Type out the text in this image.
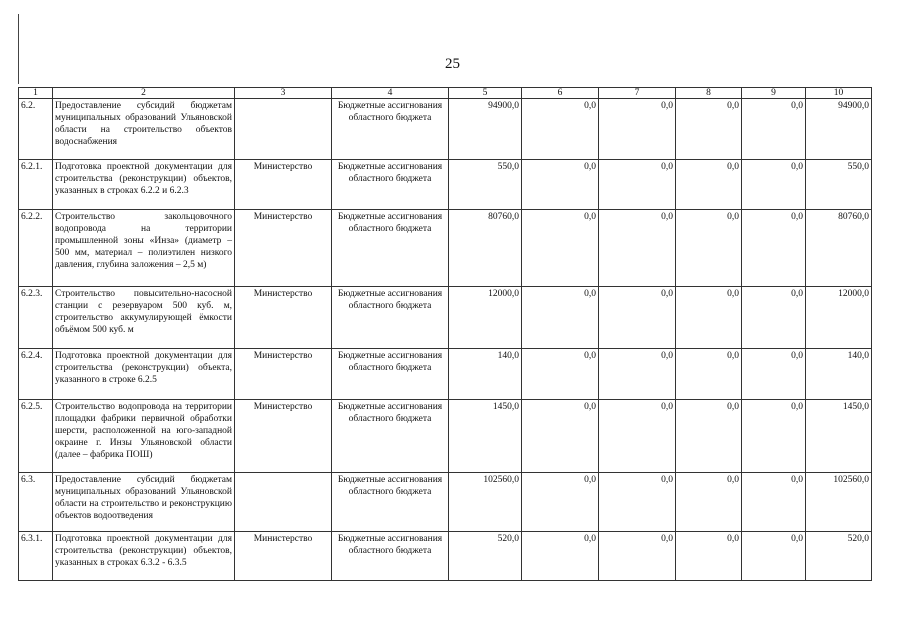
25
1	2	3	4	5	6	7	8	9	10
6.2.	Предоставление субсидий бюджетам муниципальных образований Ульяновской области на строительство объектов водоснабжения		Бюджетные ассигнования областного бюджета	94900,0	0,0	0,0	0,0	0,0	94900,0
6.2.1.	Подготовка проектной документации для строительства (реконструкции) объектов, указанных в строках 6.2.2 и 6.2.3	Министерство	Бюджетные ассигнования областного бюджета	550,0	0,0	0,0	0,0	0,0	550,0
6.2.2.	Строительство закольцовочного водопровода на территории промышленной зоны «Инза» (диаметр – 500 мм, материал – полиэтилен низкого давления, глубина заложения – 2,5 м)	Министерство	Бюджетные ассигнования областного бюджета	80760,0	0,0	0,0	0,0	0,0	80760,0
6.2.3.	Строительство повысительно-насосной станции с резервуаром 500 куб. м, строительство аккумулирующей ёмкости объёмом 500 куб. м	Министерство	Бюджетные ассигнования областного бюджета	12000,0	0,0	0,0	0,0	0,0	12000,0
6.2.4.	Подготовка проектной документации для строительства (реконструкции) объекта, указанного в строке 6.2.5	Министерство	Бюджетные ассигнования областного бюджета	140,0	0,0	0,0	0,0	0,0	140,0
6.2.5.	Строительство водопровода на территории площадки фабрики первичной обработки шерсти, расположенной на юго-западной окраине г. Инзы Ульяновской области (далее – фабрика ПОШ)	Министерство	Бюджетные ассигнования областного бюджета	1450,0	0,0	0,0	0,0	0,0	1450,0
6.3.	Предоставление субсидий бюджетам муниципальных образований Ульяновской области на строительство и реконструкцию объектов водоотведения		Бюджетные ассигнования областного бюджета	102560,0	0,0	0,0	0,0	0,0	102560,0
6.3.1.	Подготовка проектной документации для строительства (реконструкции) объектов, указанных в строках 6.3.2 - 6.3.5	Министерство	Бюджетные ассигнования областного бюджета	520,0	0,0	0,0	0,0	0,0	520,0
